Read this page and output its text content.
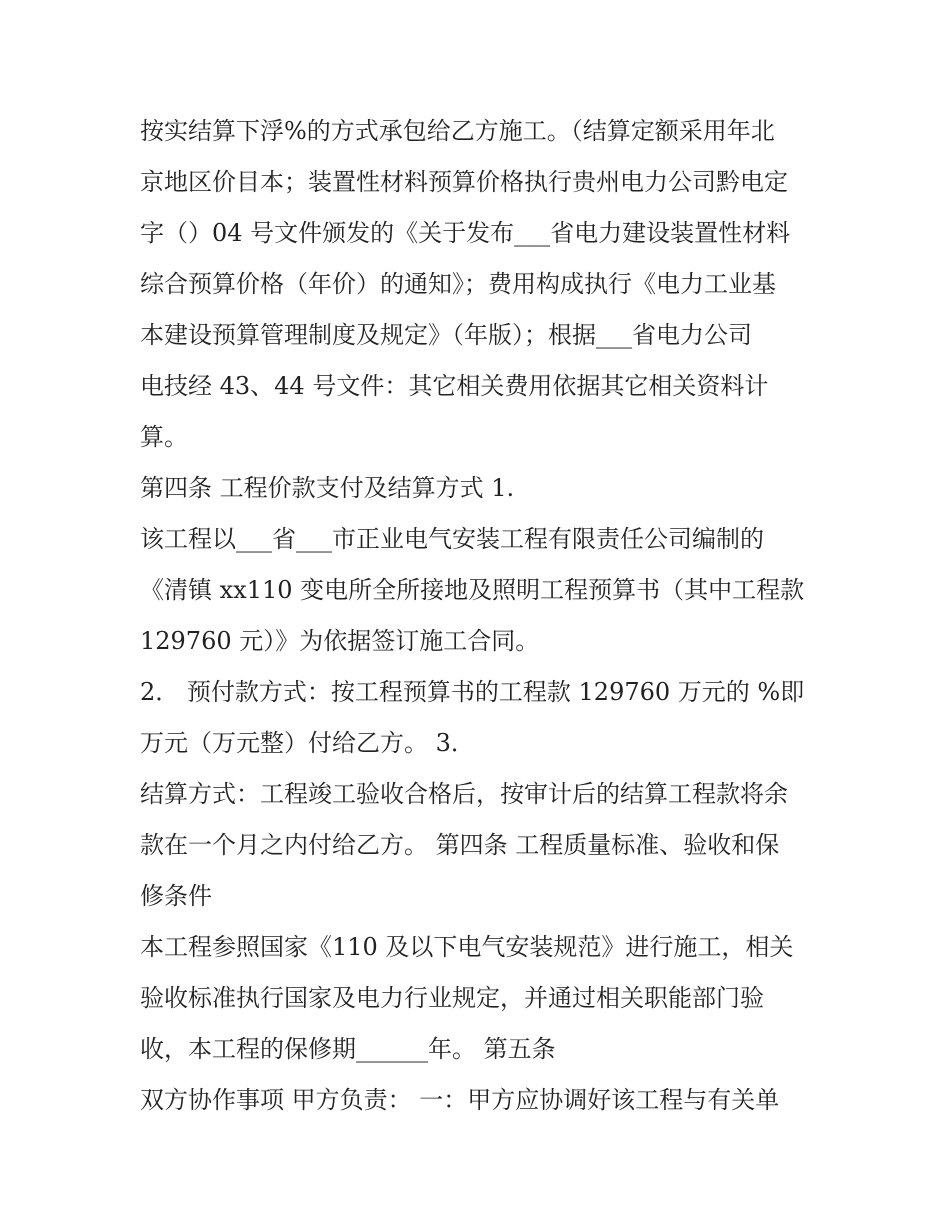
按实结算下浮%的方式承包给乙方施工。（结算定额采用年北
京地区价目本；装置性材料预算价格执行贵州电力公司黔电定
字（）04 号文件颁发的《关于发布___省电力建设装置性材料
综合预算价格（年价）的通知》；费用构成执行《电力工业基
本建设预算管理制度及规定》（年版）；根据___省电力公司
电技经 43、44 号文件：其它相关费用依据其它相关资料计
算。
第四条 工程价款支付及结算方式 1.
该工程以___省___市正业电气安装工程有限责任公司编制的
《清镇 xx110 变电所全所接地及照明工程预算书（其中工程款
129760 元）》为依据签订施工合同。
2． 预付款方式：按工程预算书的工程款 129760 万元的 %即
万元（万元整）付给乙方。 3．
结算方式：工程竣工验收合格后，按审计后的结算工程款将余
款在一个月之内付给乙方。 第四条 工程质量标准、验收和保
修条件
本工程参照国家《110 及以下电气安装规范》进行施工，相关
验收标准执行国家及电力行业规定，并通过相关职能部门验
收，本工程的保修期______年。 第五条
双方协作事项 甲方负责： 一：甲方应协调好该工程与有关单
